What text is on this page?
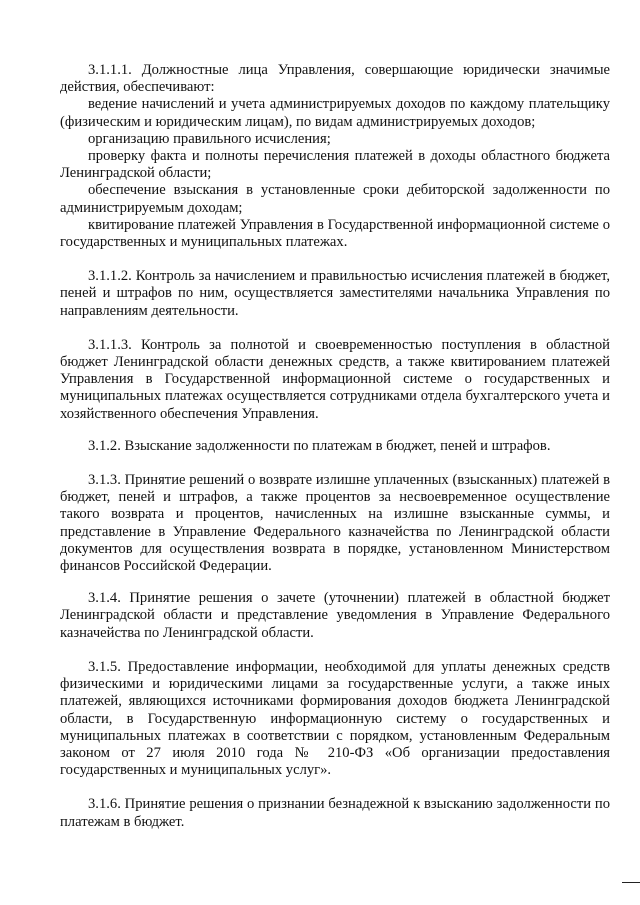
3.1.1.1. Должностные лица Управления, совершающие юридически значимые действия, обеспечивают:

ведение начислений и учета администрируемых доходов по каждому плательщику (физическим и юридическим лицам), по видам администрируемых доходов;

организацию правильного исчисления;

проверку факта и полноты перечисления платежей в доходы областного бюджета Ленинградской области;

обеспечение взыскания в установленные сроки дебиторской задолженности по администрируемым доходам;

квитирование платежей Управления в Государственной информационной системе о государственных и муниципальных платежах.

3.1.1.2. Контроль за начислением и правильностью исчисления платежей в бюджет, пеней и штрафов по ним, осуществляется заместителями начальника Управления по направлениям деятельности.

3.1.1.3. Контроль за полнотой и своевременностью поступления в областной бюджет Ленинградской области денежных средств, а также квитированием платежей Управления в Государственной информационной системе о государственных и муниципальных платежах осуществляется сотрудниками отдела бухгалтерского учета и хозяйственного обеспечения Управления.

3.1.2. Взыскание задолженности по платежам в бюджет, пеней и штрафов.

3.1.3. Принятие решений о возврате излишне уплаченных (взысканных) платежей в бюджет, пеней и штрафов, а также процентов за несвоевременное осуществление такого возврата и процентов, начисленных на излишне взысканные суммы, и представление в Управление Федерального казначейства по Ленинградской области документов для осуществления возврата в порядке, установленном Министерством финансов Российской Федерации.

3.1.4. Принятие решения о зачете (уточнении) платежей в областной бюджет Ленинградской области и представление уведомления в Управление Федерального казначейства по Ленинградской области.

3.1.5. Предоставление информации, необходимой для уплаты денежных средств физическими и юридическими лицами за государственные услуги, а также иных платежей, являющихся источниками формирования доходов бюджета Ленинградской области, в Государственную информационную систему о государственных и муниципальных платежах в соответствии с порядком, установленным Федеральным законом от 27 июля 2010 года № 210-ФЗ «Об организации предоставления государственных и муниципальных услуг».

3.1.6. Принятие решения о признании безнадежной к взысканию задолженности по платежам в бюджет.
